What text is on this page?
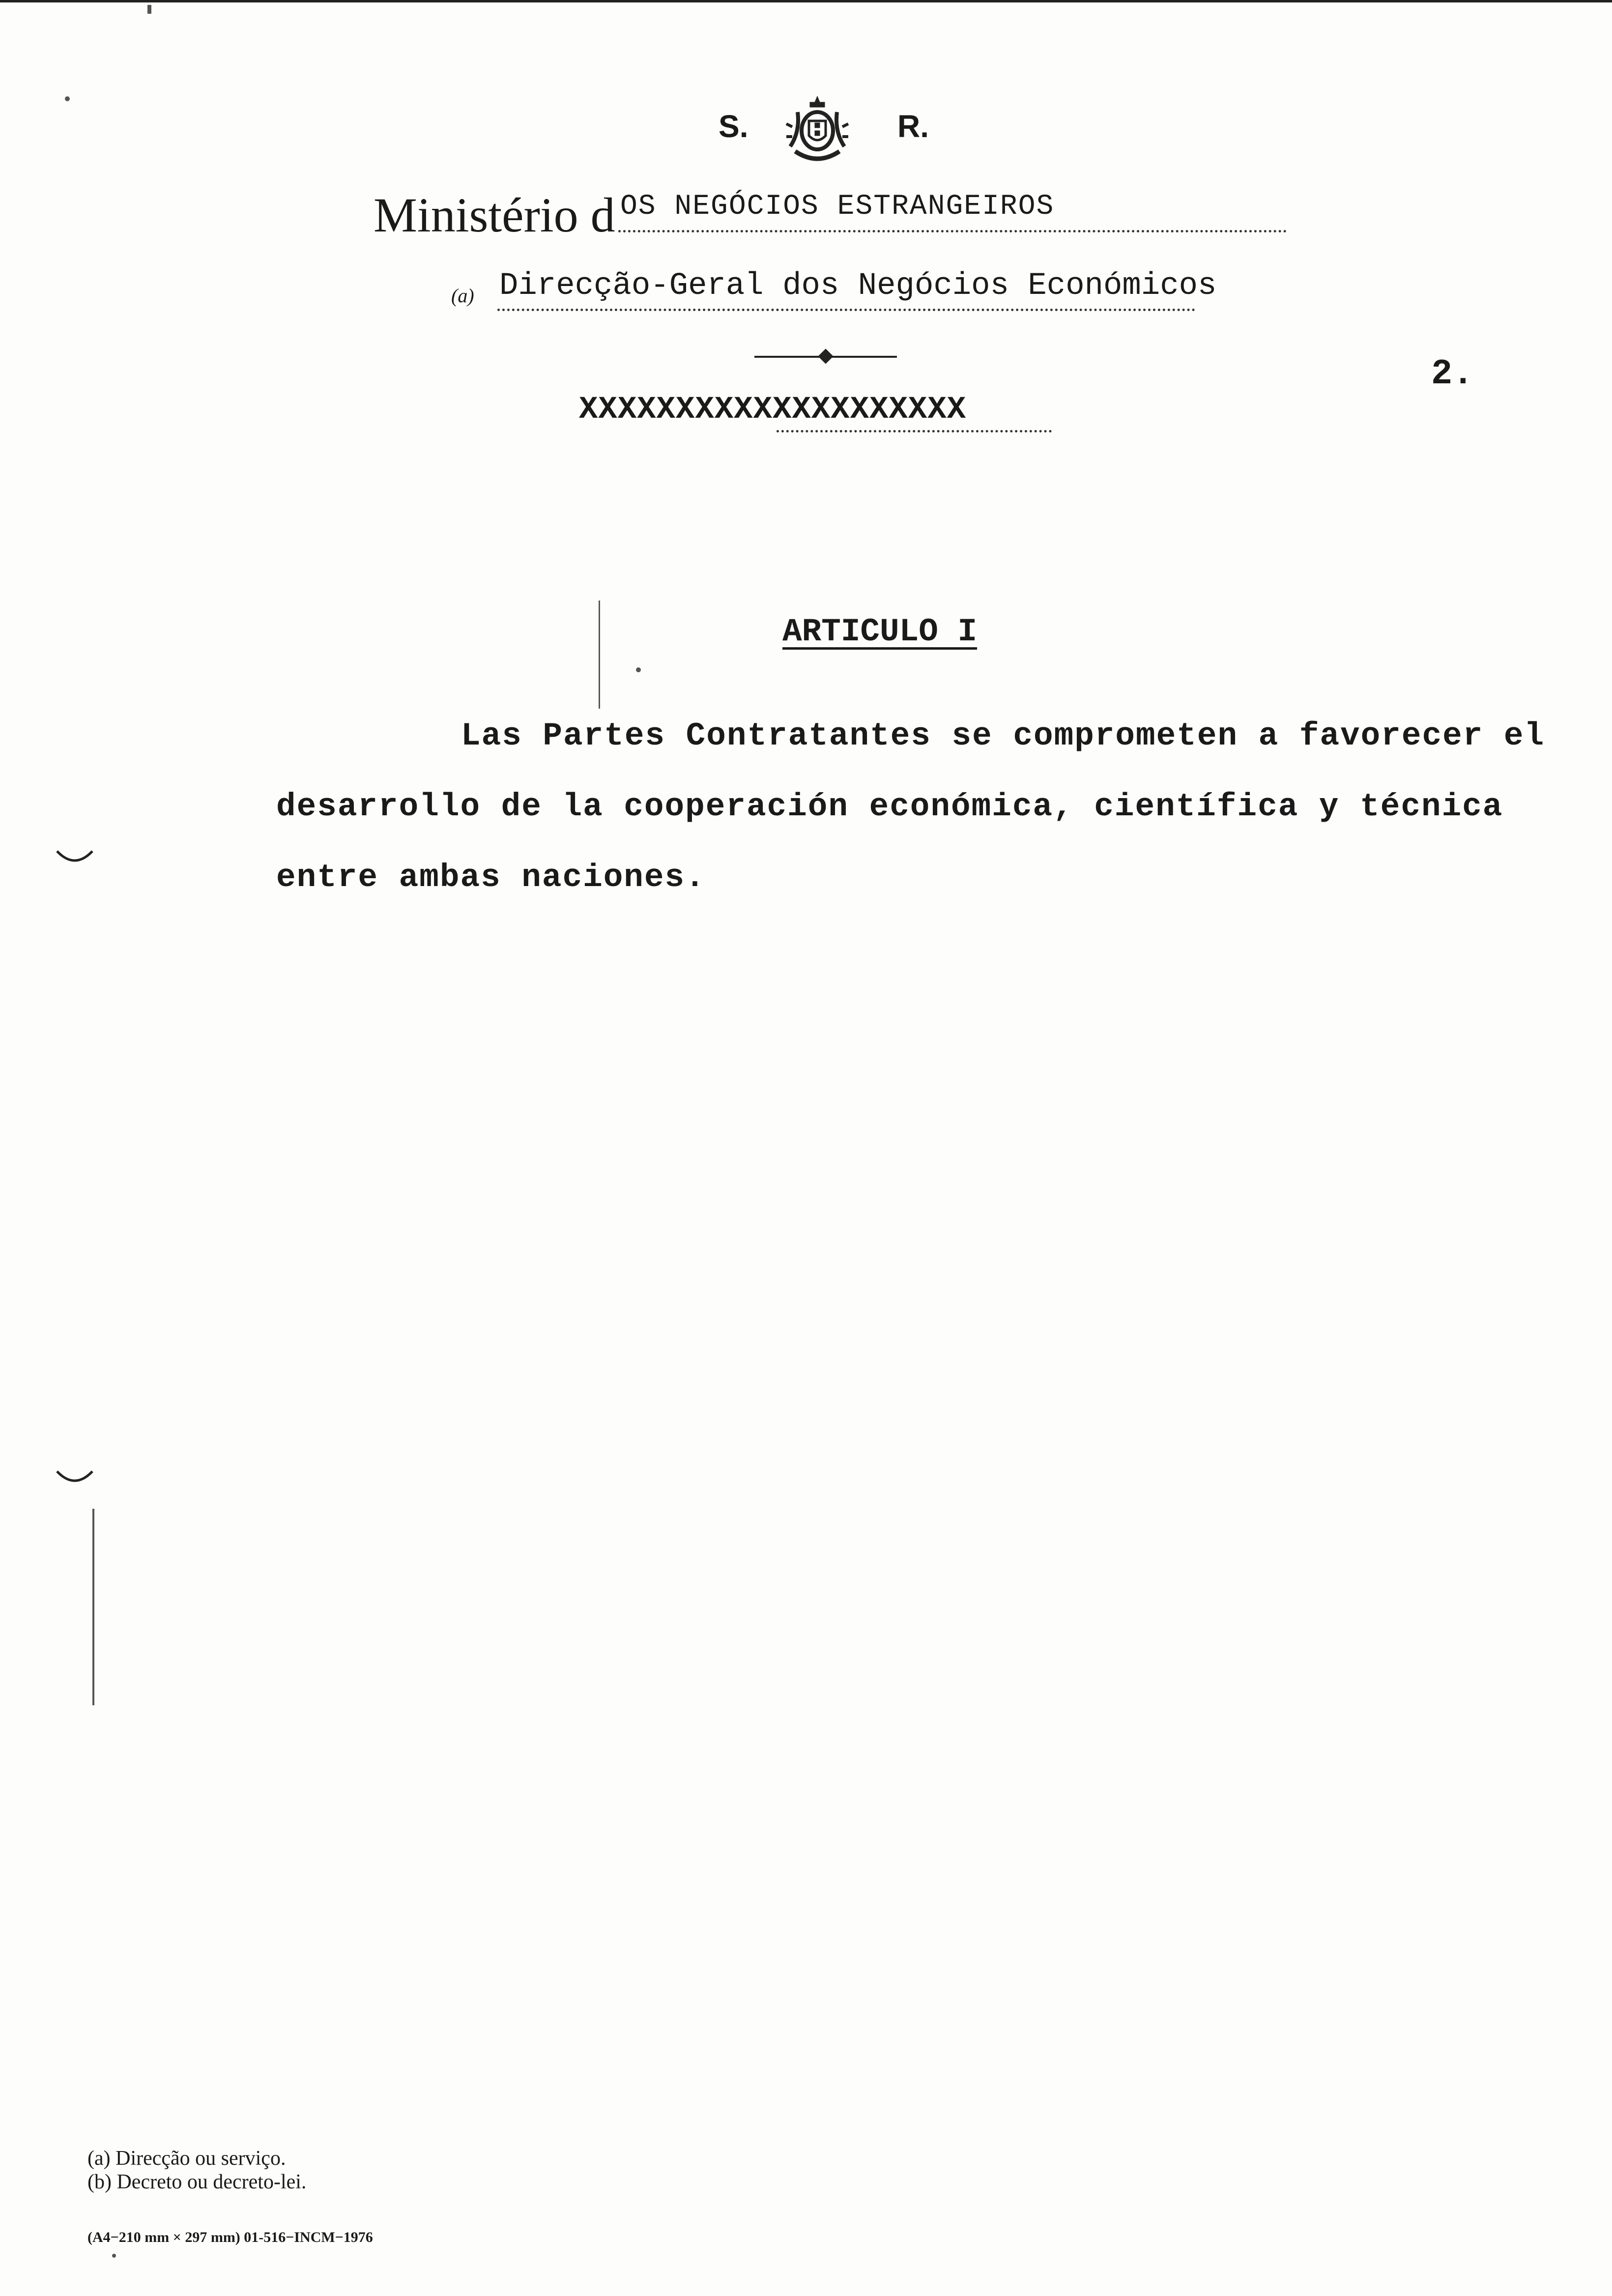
S.	R.
Ministério d OS NEGÓCIOS ESTRANGEIROS
(a) Direcção-Geral dos Negócios Económicos
XXXXXXXXXXXXXXXXXXXX
2.
ARTICULO I
Las Partes Contratantes se comprometen a favorecer el
desarrollo de la cooperación económica, científica y técnica
entre ambas naciones.
(a) Direcção ou serviço.
(b) Decreto ou decreto-lei.
(A4−210 mm × 297 mm) 01-516−INCM−1976
